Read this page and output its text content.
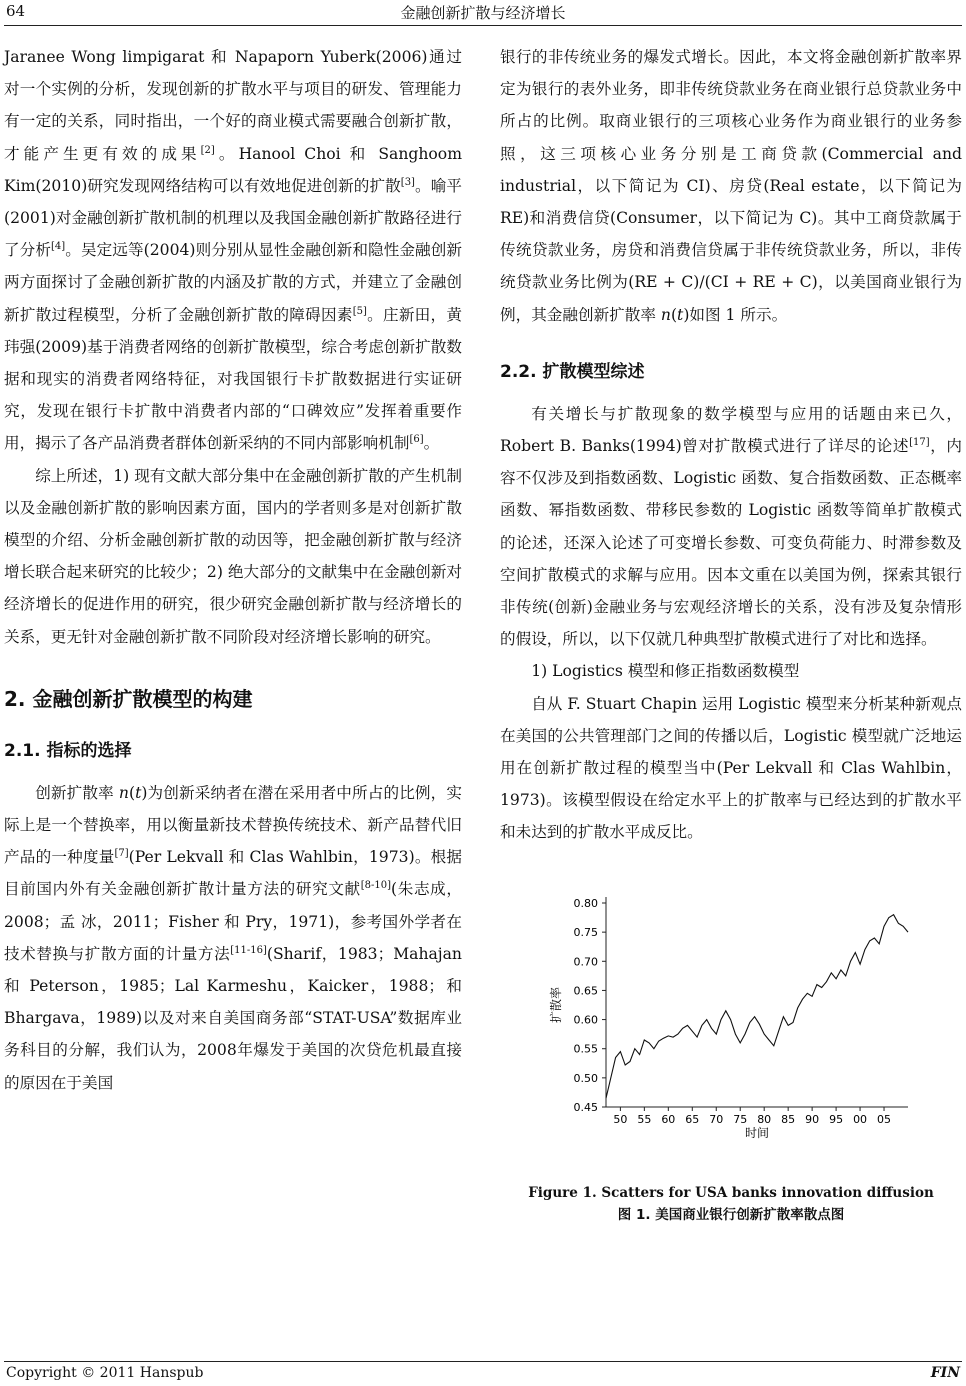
64	金融创新扩散与经济增长

Jaranee Wong limpigarat 和 Napaporn Yuberk(2006)通过对一个实例的分析，发现创新的扩散水平与项目的研发、管理能力有一定的关系，同时指出，一个好的商业模式需要融合创新扩散，才能产生更有效的成果[2]。Hanool Choi 和 Sanghoom Kim(2010)研究发现网络结构可以有效地促进创新的扩散[3]。喻平(2001)对金融创新扩散机制的机理以及我国金融创新扩散路径进行了分析[4]。吴定远等(2004)则分别从显性金融创新和隐性金融创新两方面探讨了金融创新扩散的内涵及扩散的方式，并建立了金融创新扩散过程模型，分析了金融创新扩散的障碍因素[5]。庄新田，黄玮强(2009)基于消费者网络的创新扩散模型，综合考虑创新扩散数据和现实的消费者网络特征，对我国银行卡扩散数据进行实证研究，发现在银行卡扩散中消费者内部的“口碑效应”发挥着重要作用，揭示了各产品消费者群体创新采纳的不同内部影响机制[6]。

综上所述，1) 现有文献大部分集中在金融创新扩散的产生机制以及金融创新扩散的影响因素方面，国内的学者则多是对创新扩散模型的介绍、分析金融创新扩散的动因等，把金融创新扩散与经济增长联合起来研究的比较少；2) 绝大部分的文献集中在金融创新对经济增长的促进作用的研究，很少研究金融创新扩散与经济增长的关系，更无针对金融创新扩散不同阶段对经济增长影响的研究。

2. 金融创新扩散模型的构建
2.1. 指标的选择

创新扩散率 n(t)为创新采纳者在潜在采用者中所占的比例，实际上是一个替换率，用以衡量新技术替换传统技术、新产品替代旧产品的一种度量[7](Per Lekvall 和 Clas Wahlbin，1973)。根据目前国内外有关金融创新扩散计量方法的研究文献[8-10](朱志成，2008；孟 冰，2011；Fisher 和 Pry，1971)，参考国外学者在技术替换与扩散方面的计量方法[11-16](Sharif，1983；Mahajan 和 Peterson，1985；Lal Karmeshu，Kaicker，1988；和 Bhargava，1989)以及对来自美国商务部“STAT-USA”数据库业务科目的分解，我们认为，2008年爆发于美国的次贷危机最直接的原因在于美国

银行的非传统业务的爆发式增长。因此，本文将金融创新扩散率界定为银行的表外业务，即非传统贷款业务在商业银行总贷款业务中所占的比例。取商业银行的三项核心业务作为商业银行的业务参照，这三项核心业务分别是工商贷款(Commercial and industrial，以下简记为 CI)、房贷(Real estate，以下简记为 RE)和消费信贷(Consumer，以下简记为 C)。其中工商贷款属于传统贷款业务，房贷和消费信贷属于非传统贷款业务，所以，非传统贷款业务比例为(RE + C)/(CI + RE + C)，以美国商业银行为例，其金融创新扩散率 n(t)如图 1 所示。

2.2. 扩散模型综述

有关增长与扩散现象的数学模型与应用的话题由来已久，Robert B. Banks(1994)曾对扩散模式进行了详尽的论述[17]，内容不仅涉及到指数函数、Logistic 函数、复合指数函数、正态概率函数、幂指数函数、带移民参数的 Logistic 函数等简单扩散模式的论述，还深入论述了可变增长参数、可变负荷能力、时滞参数及空间扩散模式的求解与应用。因本文重在以美国为例，探索其银行非传统(创新)金融业务与宏观经济增长的关系，没有涉及复杂情形的假设，所以，以下仅就几种典型扩散模式进行了对比和选择。

1) Logistics 模型和修正指数函数模型

自从 F. Stuart Chapin 运用 Logistic 模型来分析某种新观点在美国的公共管理部门之间的传播以后，Logistic 模型就广泛地运用在创新扩散过程的模型当中(Per Lekvall 和 Clas Wahlbin，1973)。该模型假设在给定水平上的扩散率与已经达到的扩散水平和未达到的扩散水平成反比。

0.45
0.50
0.55
0.60
0.65
0.70
0.75
0.80
50 55 60 65 70 75 80 85 90 95 00 05
时间
扩散率
Figure 1. Scatters for USA banks innovation diffusion
图 1. 美国商业银行创新扩散率散点图
Copyright © 2011 Hanspub	FIN
